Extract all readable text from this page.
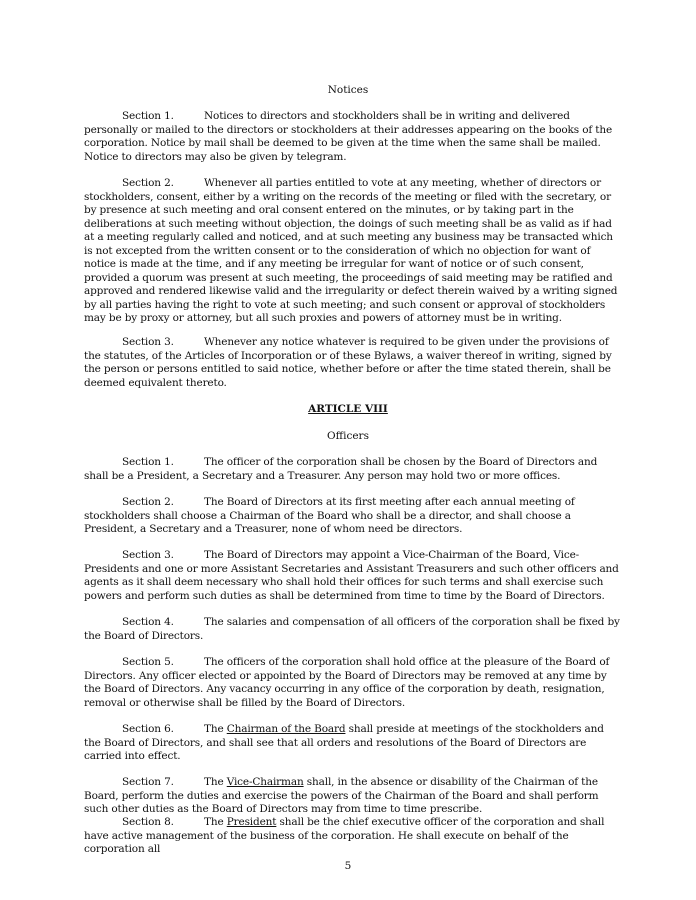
Notices

Section 1.	Notices to directors and stockholders shall be in writing and delivered personally or mailed to the directors or stockholders at their addresses appearing on the books of the corporation. Notice by mail shall be deemed to be given at the time when the same shall be mailed. Notice to directors may also be given by telegram.

Section 2.	Whenever all parties entitled to vote at any meeting, whether of directors or stockholders, consent, either by a writing on the records of the meeting or filed with the secretary, or by presence at such meeting and oral consent entered on the minutes, or by taking part in the deliberations at such meeting without objection, the doings of such meeting shall be as valid as if had at a meeting regularly called and noticed, and at such meeting any business may be transacted which is not excepted from the written consent or to the consideration of which no objection for want of notice is made at the time, and if any meeting be irregular for want of notice or of such consent, provided a quorum was present at such meeting, the proceedings of said meeting may be ratified and approved and rendered likewise valid and the irregularity or defect therein waived by a writing signed by all parties having the right to vote at such meeting; and such consent or approval of stockholders may be by proxy or attorney, but all such proxies and powers of attorney must be in writing.

Section 3.	Whenever any notice whatever is required to be given under the provisions of the statutes, of the Articles of Incorporation or of these Bylaws, a waiver thereof in writing, signed by the person or persons entitled to said notice, whether before or after the time stated therein, shall be deemed equivalent thereto.

ARTICLE VIII

Officers

Section 1.	The officer of the corporation shall be chosen by the Board of Directors and shall be a President, a Secretary and a Treasurer. Any person may hold two or more offices.

Section 2.	The Board of Directors at its first meeting after each annual meeting of stockholders shall choose a Chairman of the Board who shall be a director, and shall choose a President, a Secretary and a Treasurer, none of whom need be directors.

Section 3.	The Board of Directors may appoint a Vice-Chairman of the Board, Vice-Presidents and one or more Assistant Secretaries and Assistant Treasurers and such other officers and agents as it shall deem necessary who shall hold their offices for such terms and shall exercise such powers and perform such duties as shall be determined from time to time by the Board of Directors.

Section 4.	The salaries and compensation of all officers of the corporation shall be fixed by the Board of Directors.

Section 5.	The officers of the corporation shall hold office at the pleasure of the Board of Directors. Any officer elected or appointed by the Board of Directors may be removed at any time by the Board of Directors. Any vacancy occurring in any office of the corporation by death, resignation, removal or otherwise shall be filled by the Board of Directors.

Section 6.	The Chairman of the Board shall preside at meetings of the stockholders and the Board of Directors, and shall see that all orders and resolutions of the Board of Directors are carried into effect.

Section 7.	The Vice-Chairman shall, in the absence or disability of the Chairman of the Board, perform the duties and exercise the powers of the Chairman of the Board and shall perform such other duties as the Board of Directors may from time to time prescribe.

Section 8.	The President shall be the chief executive officer of the corporation and shall have active management of the business of the corporation. He shall execute on behalf of the corporation all

5
